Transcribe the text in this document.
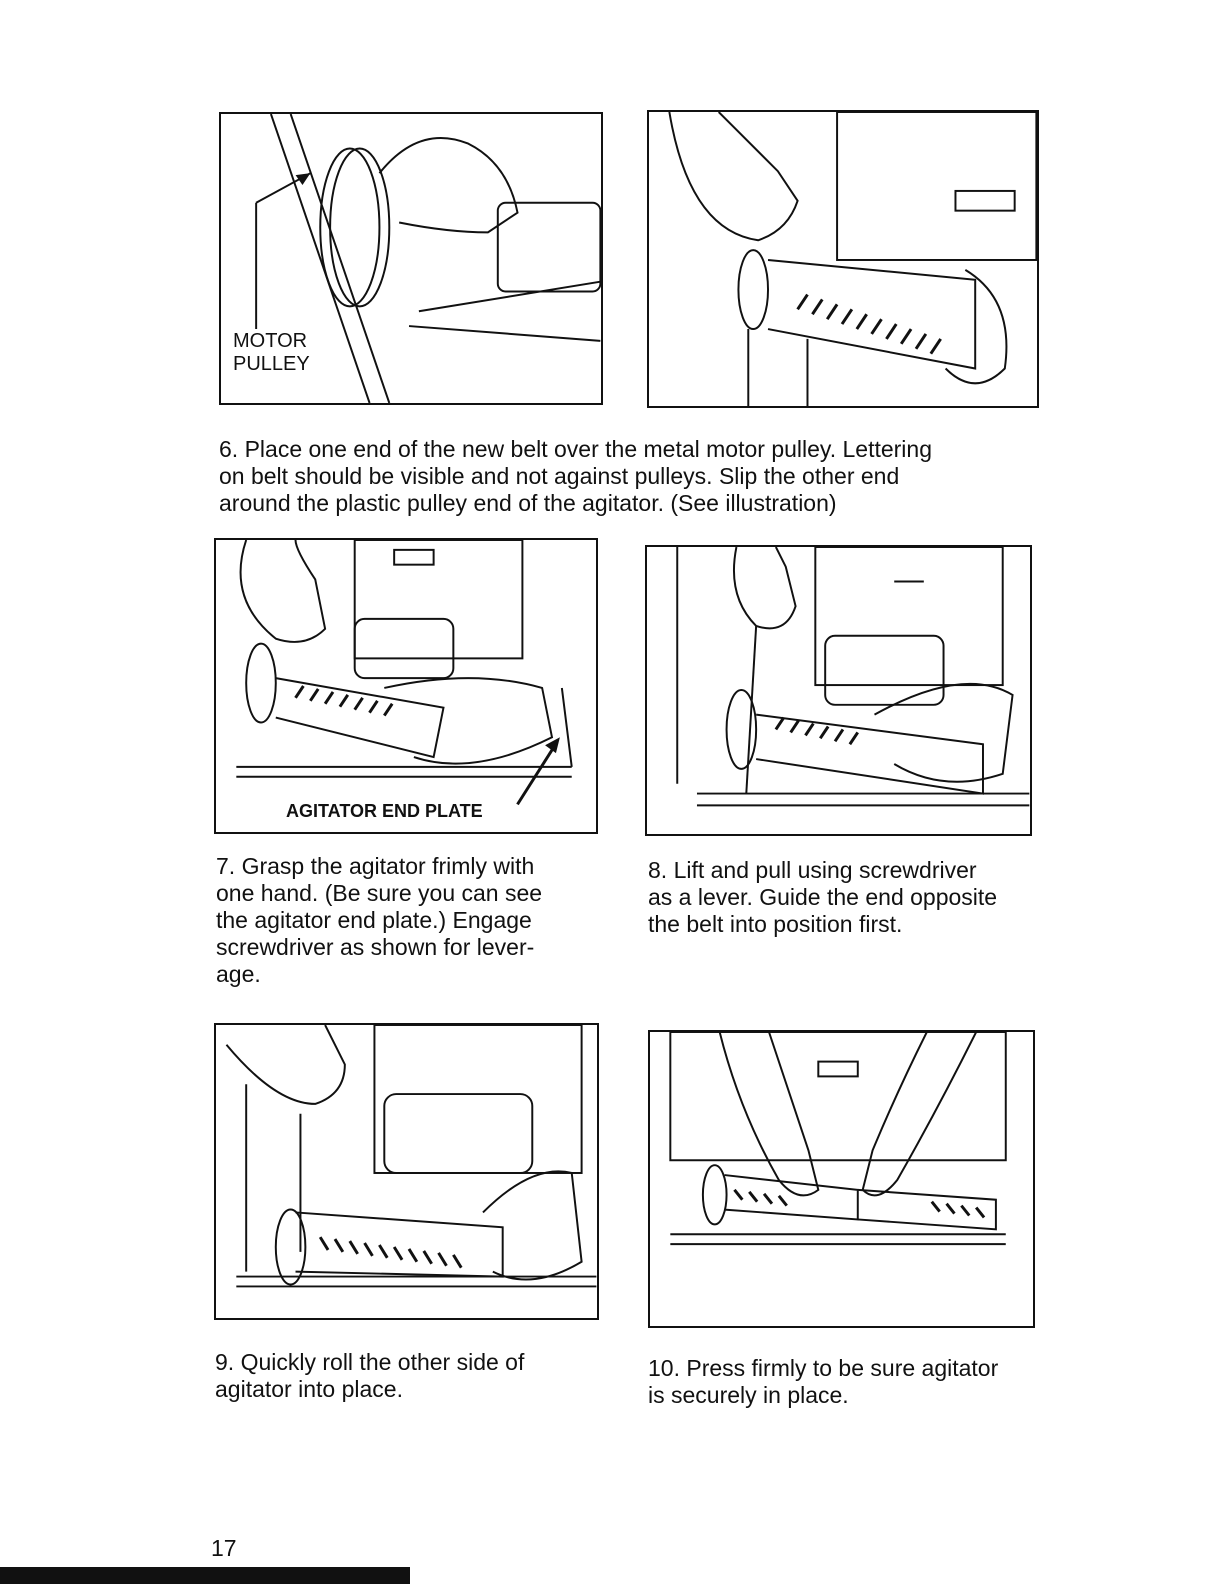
MOTOR
PULLEY
6. Place one end of the new belt over the metal motor pulley. Lettering
on belt should be visible and not against pulleys. Slip the other end
around the plastic pulley end of the agitator. (See illustration)
AGITATOR END PLATE
7. Grasp the agitator frimly with
one hand. (Be sure you can see
the agitator end plate.) Engage
screwdriver as shown for lever-
age.
8. Lift and pull using screwdriver
as a lever. Guide the end opposite
the belt into position first.
9. Quickly roll the other side of
agitator into place.
10. Press firmly to be sure agitator
is securely in place.
17
